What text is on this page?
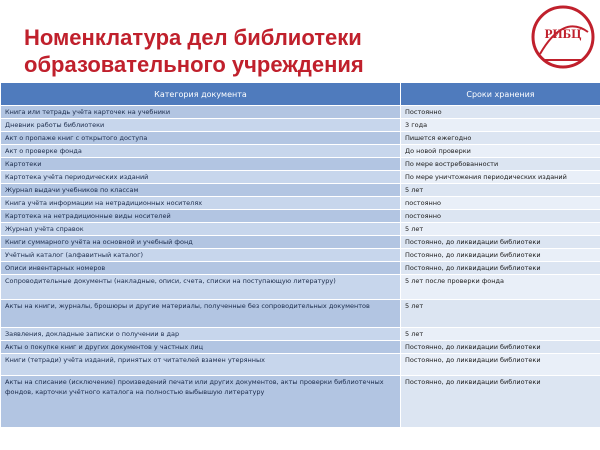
Номенклатура дел библиотеки
образовательного учреждения
РИБЦ
Категория документа	Сроки хранения
Книга или тетрадь учёта карточек на учебники	Постоянно
Дневник работы библиотеки	3 года
Акт о пропаже книг с открытого доступа	Пишется ежегодно
Акт о проверке фонда	До новой проверки
Картотеки	По мере востребованности
Картотека учёта периодических изданий	По мере уничтожения периодических изданий
Журнал выдачи учебников по классам	5 лет
Книга учёта информации на нетрадиционных носителях	постоянно
Картотека на нетрадиционные виды носителей	постоянно
Журнал учёта справок	5 лет
Книги суммарного учёта на основной и учебный фонд	Постоянно, до ликвидации библиотеки
Учётный каталог (алфавитный каталог)	Постоянно, до ликвидации библиотеки
Описи инвентарных номеров	Постоянно, до ликвидации библиотеки
Сопроводительные документы (накладные, описи, счета, списки на поступающую литературу)	5 лет после проверки фонда
Акты на книги, журналы, брошюры и другие материалы, полученные без сопроводительных документов	5 лет
Заявления, докладные записки о получении в дар	5 лет
Акты о покупке книг и других документов у частных лиц	Постоянно, до ликвидации библиотеки
Книги (тетради) учёта изданий, принятых от читателей взамен утерянных	Постоянно, до ликвидации библиотеки
Акты на списание (исключение) произведений печати или других документов, акты проверки библиотечных фондов, карточки учётного каталога на полностью выбывшую литературу	Постоянно, до ликвидации библиотеки
